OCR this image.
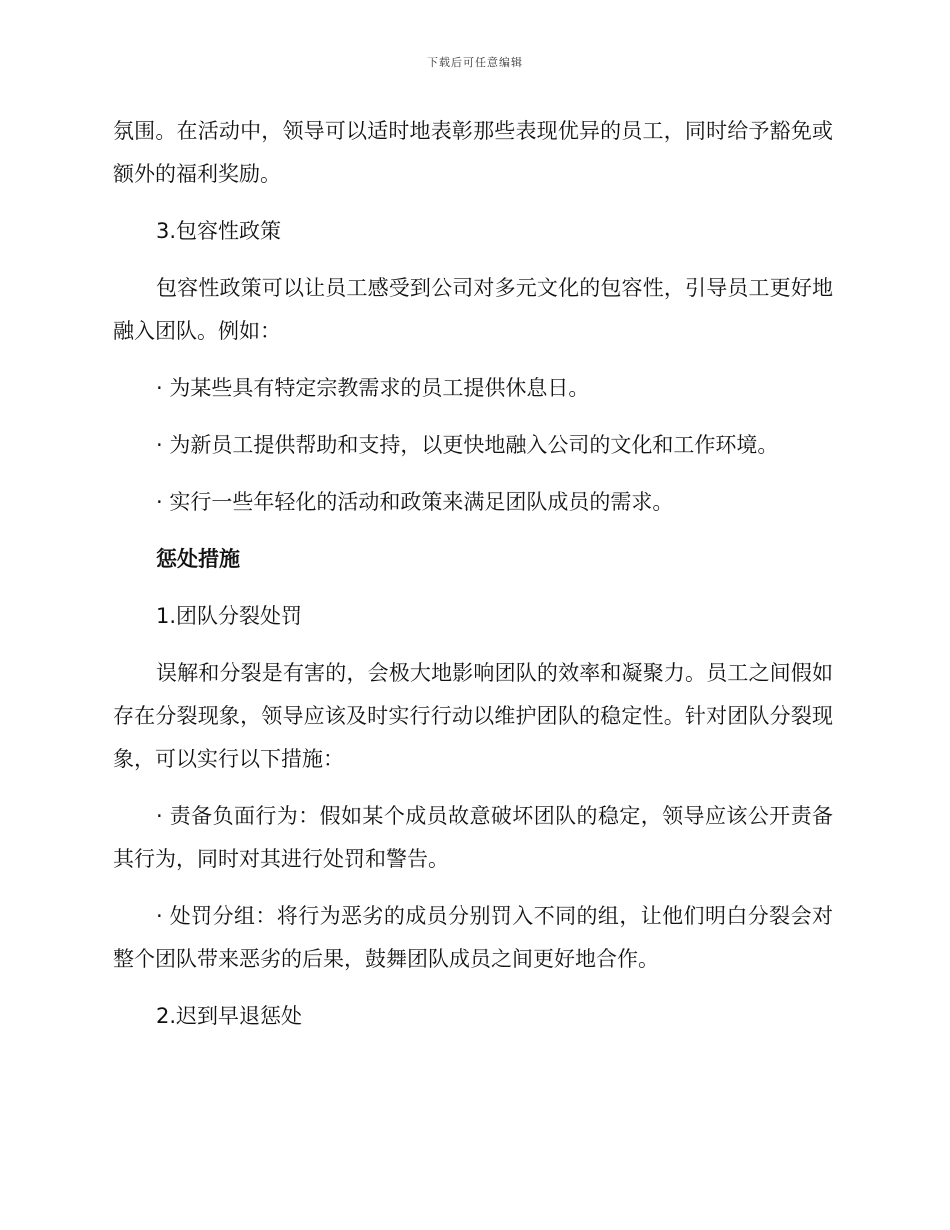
下载后可任意编辑

氛围。在活动中，领导可以适时地表彰那些表现优异的员工，同时给予豁免或额外的福利奖励。

3.包容性政策

包容性政策可以让员工感受到公司对多元文化的包容性，引导员工更好地融入团队。例如：

· 为某些具有特定宗教需求的员工提供休息日。

· 为新员工提供帮助和支持，以更快地融入公司的文化和工作环境。

· 实行一些年轻化的活动和政策来满足团队成员的需求。

惩处措施

1.团队分裂处罚

误解和分裂是有害的，会极大地影响团队的效率和凝聚力。员工之间假如存在分裂现象，领导应该及时实行行动以维护团队的稳定性。针对团队分裂现象，可以实行以下措施：

· 责备负面行为：假如某个成员故意破坏团队的稳定，领导应该公开责备其行为，同时对其进行处罚和警告。

· 处罚分组：将行为恶劣的成员分别罚入不同的组，让他们明白分裂会对整个团队带来恶劣的后果，鼓舞团队成员之间更好地合作。

2.迟到早退惩处
